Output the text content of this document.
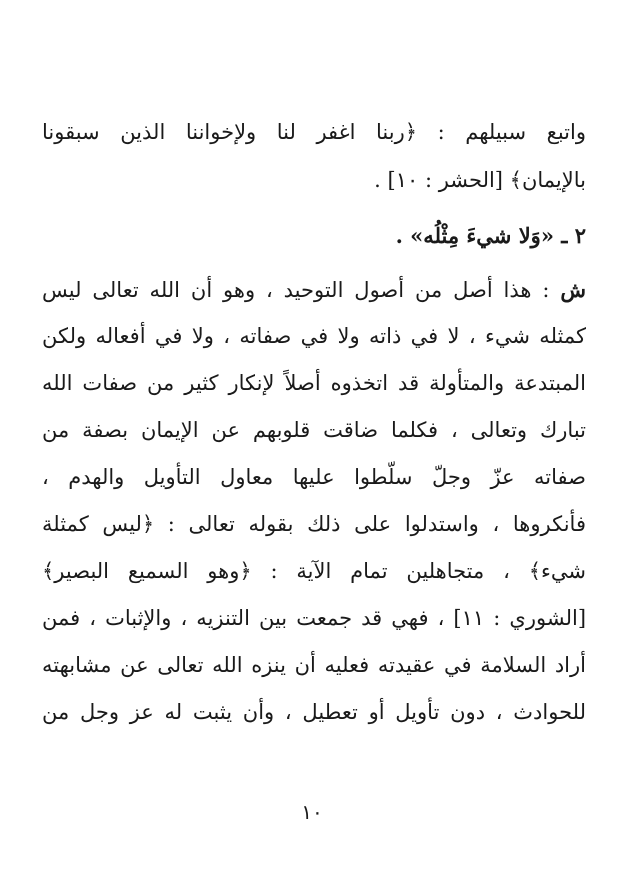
واتبع سبيلهم : ﴿ربنا اغفر لنا ولإخواننا الذين سبقونا
بالإيمان﴾ [الحشر : ١٠] .
٢ ـ «وَلا شيءَ مِثْلُه» .
ش : هذا أصل من أصول التوحيد ، وهو أن الله تعالى ليس
كمثله شيء ، لا في ذاته ولا في صفاته ، ولا في أفعاله ولكن
المبتدعة والمتأولة قد اتخذوه أصلاً لإنكار كثير من صفات الله
تبارك وتعالى ، فكلما ضاقت قلوبهم عن الإيمان بصفة من
صفاته عزّ وجلّ سلّطوا عليها معاول التأويل والهدم ،
فأنكروها ، واستدلوا على ذلك بقوله تعالى : ﴿ليس كمثلة
شيء﴾ ، متجاهلين تمام الآية : ﴿وهو السميع البصير﴾
[الشوري : ١١] ، فهي قد جمعت بين التنزيه ، والإثبات ، فمن
أراد السلامة في عقيدته فعليه أن ينزه الله تعالى عن مشابهته
للحوادث ، دون تأويل أو تعطيل ، وأن يثبت له عز وجل من
١٠
